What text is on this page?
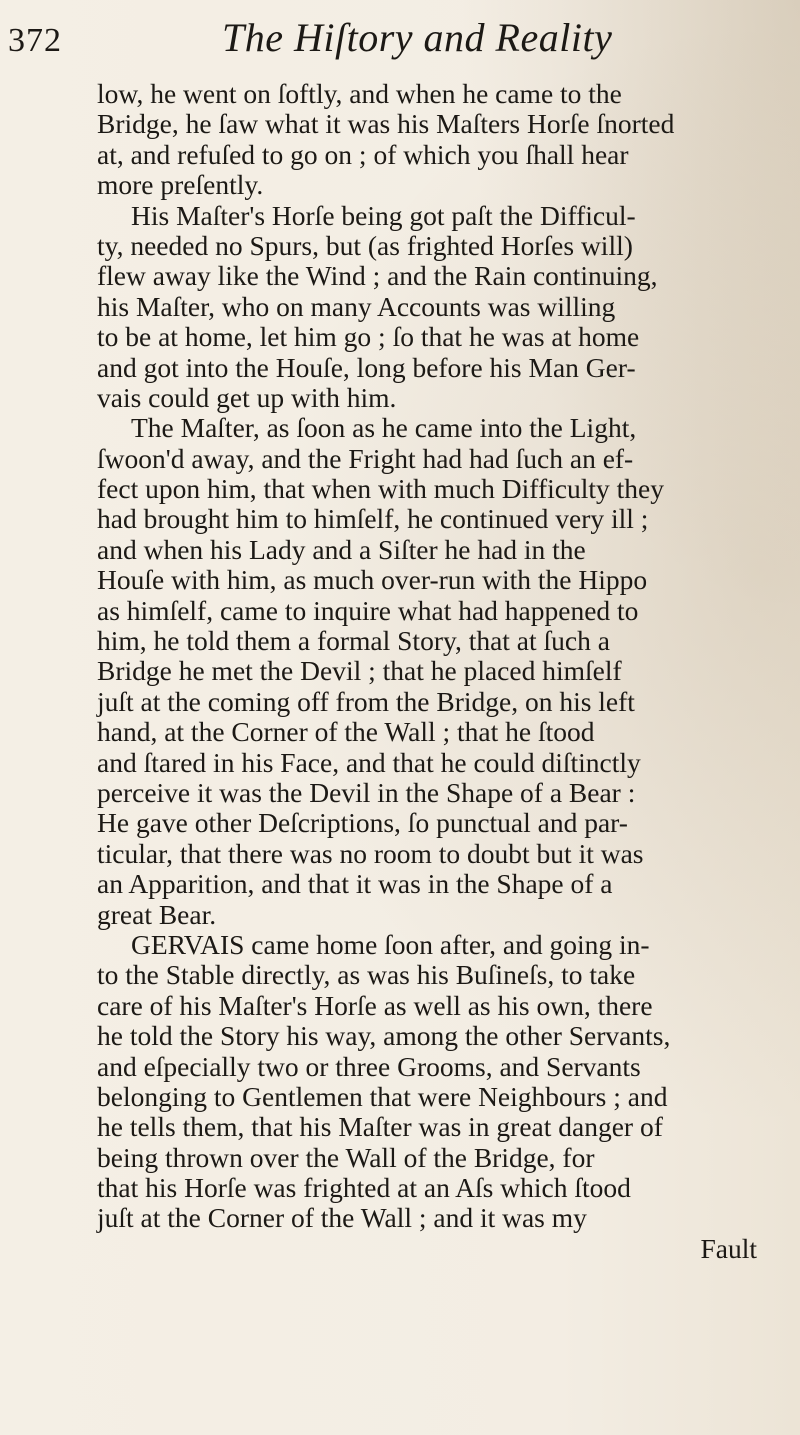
372	The Hiſtory and Reality
low, he went on ſoftly, and when he came to the
Bridge, he ſaw what it was his Maſters Horſe ſnorted
at, and refuſed to go on ; of which you ſhall hear
more preſently.
His Maſter's Horſe being got paſt the Difficul-
ty, needed no Spurs, but (as frighted Horſes will)
flew away like the Wind ; and the Rain continuing,
his Maſter, who on many Accounts was willing
to be at home, let him go ; ſo that he was at home
and got into the Houſe, long before his Man Ger-
vais could get up with him.
The Maſter, as ſoon as he came into the Light,
ſwoon'd away, and the Fright had had ſuch an ef-
fect upon him, that when with much Difficulty they
had brought him to himſelf, he continued very ill ;
and when his Lady and a Siſter he had in the
Houſe with him, as much over-run with the Hippo
as himſelf, came to inquire what had happened to
him, he told them a formal Story, that at ſuch a
Bridge he met the Devil ; that he placed himſelf
juſt at the coming off from the Bridge, on his left
hand, at the Corner of the Wall ; that he ſtood
and ſtared in his Face, and that he could diſtinctly
perceive it was the Devil in the Shape of a Bear :
He gave other Deſcriptions, ſo punctual and par-
ticular, that there was no room to doubt but it was
an Apparition, and that it was in the Shape of a
great Bear.
GERVAIS came home ſoon after, and going in-
to the Stable directly, as was his Buſineſs, to take
care of his Maſter's Horſe as well as his own, there
he told the Story his way, among the other Servants,
and eſpecially two or three Grooms, and Servants
belonging to Gentlemen that were Neighbours ; and
he tells them, that his Maſter was in great danger of
being thrown over the Wall of the Bridge, for
that his Horſe was frighted at an Aſs which ſtood
juſt at the Corner of the Wall ; and it was my
Fault
